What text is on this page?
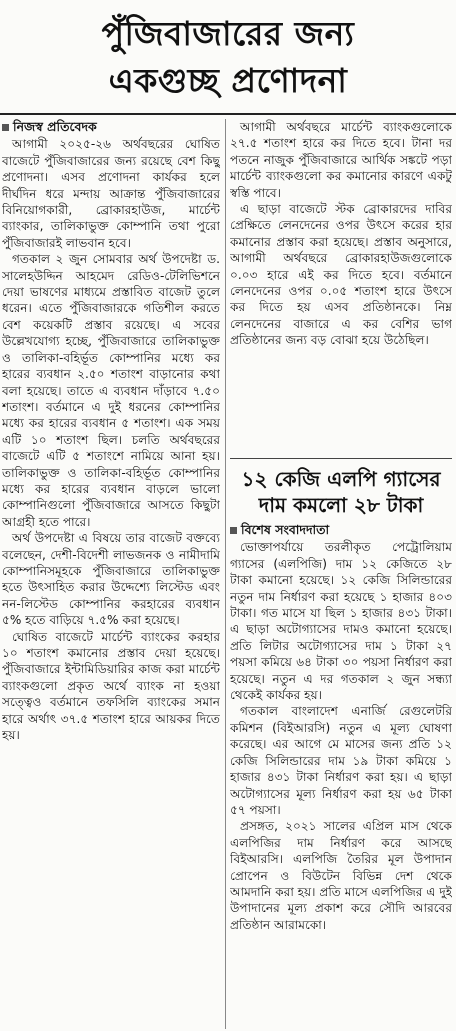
পুঁজিবাজারের জন্য
একগুচ্ছ প্রণোদনা
নিজস্ব প্রতিবেদক

আগামী ২০২৫-২৬ অর্থবছরের ঘোষিত বাজেটে পুঁজিবাজারের জন্য রয়েছে বেশ কিছু প্রণোদনা। এসব প্রণোদনা কার্যকর হলে দীর্ঘদিন ধরে মন্দায় আক্রান্ত পুঁজিবাজারের বিনিয়োগকারী, ব্রোকারহাউজ, মার্চেন্ট ব্যাংকার, তালিকাভুক্ত কোম্পানি তথা পুরো পুঁজিবাজারই লাভবান হবে।

গতকাল ২ জুন সোমবার অর্থ উপদেষ্টা ড. সালেহউদ্দিন আহমেদ রেডিও-টেলিভিশনে দেয়া ভাষণের মাধ্যমে প্রস্তাবিত বাজেট তুলে ধরেন। এতে পুঁজিবাজারকে গতিশীল করতে বেশ কয়েকটি প্রস্তাব রয়েছে। এ সবের উল্লেখযোগ্য হচ্ছে, পুঁজিবাজারে তালিকাভুক্ত ও তালিকা-বহির্ভূত কোম্পানির মধ্যে কর হারের ব্যবধান ২.৫০ শতাংশ বাড়ানোর কথা বলা হয়েছে। তাতে এ ব্যবধান দাঁড়াবে ৭.৫০ শতাংশ। বর্তমানে এ দুই ধরনের কোম্পানির মধ্যে কর হারের ব্যবধান ৫ শতাংশ। এক সময় এটি ১০ শতাংশ ছিল। চলতি অর্থবছরের বাজেটে এটি ৫ শতাংশে নামিয়ে আনা হয়। তালিকাভুক্ত ও তালিকা-বহির্ভূত কোম্পানির মধ্যে কর হারের ব্যবধান বাড়লে ভালো কোম্পানিগুলো পুঁজিবাজারে আসতে কিছুটা আগ্রহী হতে পারে।

অর্থ উপদেষ্টা এ বিষয়ে তার বাজেট বক্তব্যে বলেছেন, দেশী-বিদেশী লাভজনক ও নামীদামি কোম্পানিসমূহকে পুঁজিবাজারে তালিকাভুক্ত হতে উৎসাহিত করার উদ্দেশ্যে লিস্টেড এবং নন-লিস্টেড কোম্পানির করহারের ব্যবধান ৫% হতে বাড়িয়ে ৭.৫% করা হয়েছে।

ঘোষিত বাজেটে মার্চেন্ট ব্যাংকের করহার ১০ শতাংশ কমানোর প্রস্তাব দেয়া হয়েছে। পুঁজিবাজারে ইন্টামিডিয়ারির কাজ করা মার্চেন্ট ব্যাংকগুলো প্রকৃত অর্থে ব্যাংক না হওয়া সত্ত্বেও বর্তমানে তফসিলি ব্যাংকের সমান হারে অর্থাৎ ৩৭.৫ শতাংশ হারে আয়কর দিতে হয়।

আগামী অর্থবছরে মার্চেন্ট ব্যাংকগুলোকে ২৭.৫ শতাংশ হারে কর দিতে হবে। টানা দর পতনে নাজুক পুঁজিবাজারে আর্থিক সঙ্কটে পড়া মার্চেন্ট ব্যাংকগুলো কর কমানোর কারণে একটু স্বস্তি পাবে।

এ ছাড়া বাজেটে স্টক ব্রোকারদের দাবির প্রেক্ষিতে লেনদেনের ওপর উৎসে করের হার কমানোর প্রস্তাব করা হয়েছে। প্রস্তাব অনুসারে, আগামী অর্থবছরে ব্রোকারহাউজগুলোকে ০.০৩ হারে এই কর দিতে হবে। বর্তমানে লেনদেনের ওপর ০.০৫ শতাংশ হারে উৎসে কর দিতে হয় এসব প্রতিষ্ঠানকে। নিম্ন লেনদেনের বাজারে এ কর বেশির ভাগ প্রতিষ্ঠানের জন্য বড় বোঝা হয়ে উঠেছিল।

১২ কেজি এলপি গ্যাসের দাম কমলো ২৮ টাকা
বিশেষ সংবাদদাতা

ভোক্তাপর্যায়ে তরলীকৃত পেট্রোলিয়াম গ্যাসের (এলপিজি) দাম ১২ কেজিতে ২৮ টাকা কমানো হয়েছে। ১২ কেজি সিলিন্ডারের নতুন দাম নির্ধারণ করা হয়েছে ১ হাজার ৪০৩ টাকা। গত মাসে যা ছিল ১ হাজার ৪৩১ টাকা। এ ছাড়া অটোগ্যাসের দামও কমানো হয়েছে। প্রতি লিটার অটোগ্যাসের দাম ১ টাকা ২৭ পয়সা কমিয়ে ৬৪ টাকা ৩০ পয়সা নির্ধারণ করা হয়েছে। নতুন এ দর গতকাল ২ জুন সন্ধ্যা থেকেই কার্যকর হয়।

গতকাল বাংলাদেশ এনার্জি রেগুলেটরি কমিশন (বিইআরসি) নতুন এ মূল্য ঘোষণা করেছে। এর আগে মে মাসের জন্য প্রতি ১২ কেজি সিলিন্ডারের দাম ১৯ টাকা কমিয়ে ১ হাজার ৪৩১ টাকা নির্ধারণ করা হয়। এ ছাড়া অটোগ্যাসের মূল্য নির্ধারণ করা হয় ৬৫ টাকা ৫৭ পয়সা।

প্রসঙ্গত, ২০২১ সালের এপ্রিল মাস থেকে এলপিজির দাম নির্ধারণ করে আসছে বিইআরসি। এলপিজি তৈরির মূল উপাদান প্রোপেন ও বিউটেন বিভিন্ন দেশ থেকে আমদানি করা হয়। প্রতি মাসে এলপিজির এ দুই উপাদানের মূল্য প্রকাশ করে সৌদি আরবের প্রতিষ্ঠান আরামকো।
